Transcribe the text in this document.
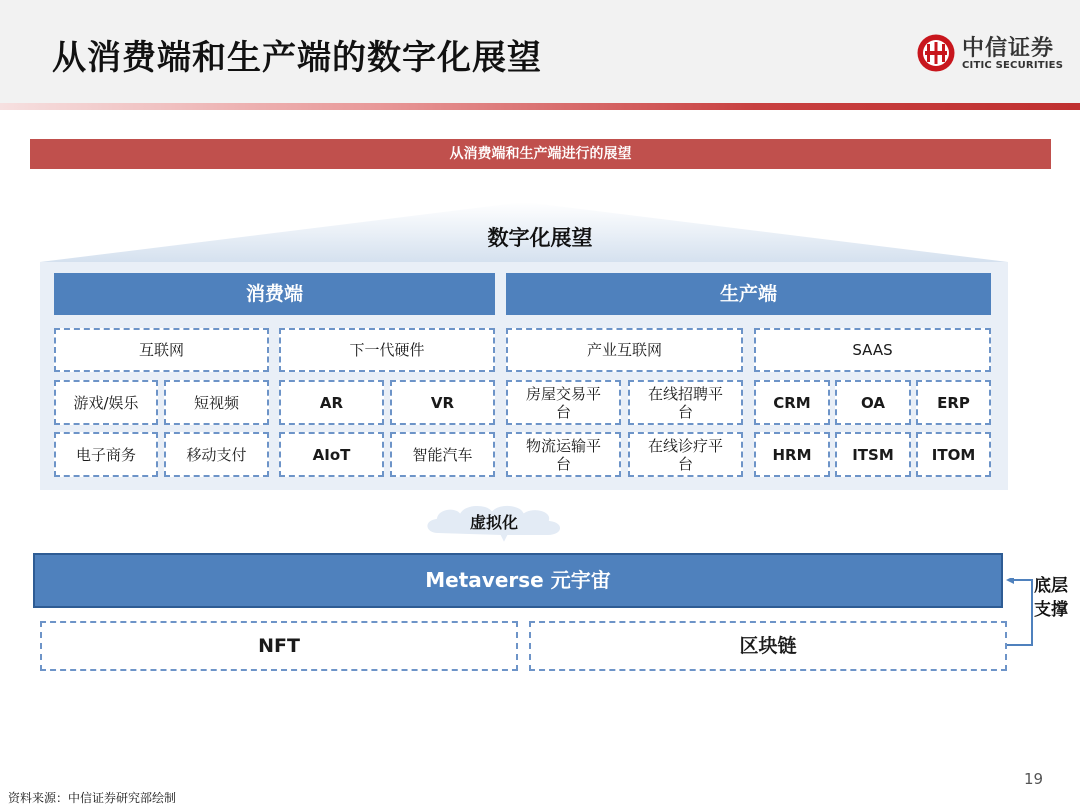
从消费端和生产端的数字化展望	中信证券
CITIC SECURITIES
从消费端和生产端进行的展望
数字化展望
消费端	生产端
互联网	下一代硬件
游戏/娱乐	短视频
电子商务	移动支付
AR	VR
AIoT	智能汽车
产业互联网	SAAS
房屋交易平台
在线招聘平台
物流运输平台
在线诊疗平台
CRM	OA	ERP
HRM	ITSM	ITOM
虚拟化
Metaverse 元宇宙	底层
支撑
NFT	区块链
19
资料来源：中信证券研究部绘制
